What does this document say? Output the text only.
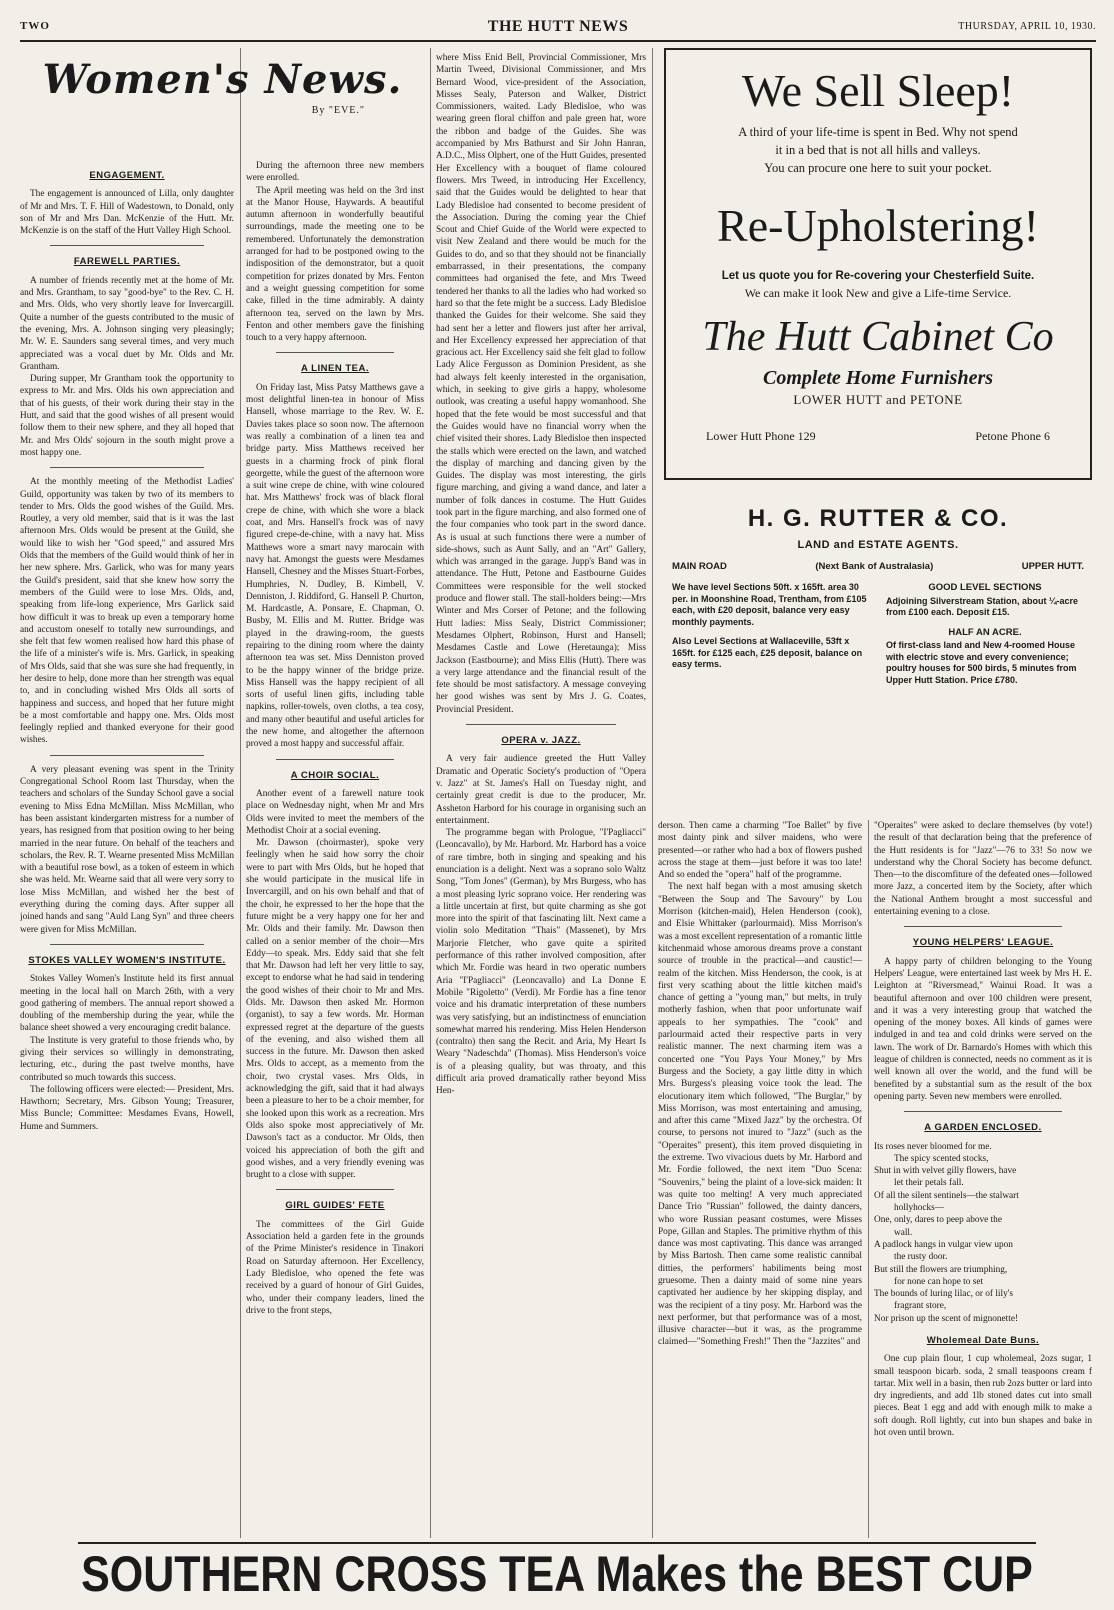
TWO	THE HUTT NEWS	THURSDAY, APRIL 10, 1930.
Women's News.
By "EVE."
ENGAGEMENT.

The engagement is announced of Lilla, only daughter of Mr and Mrs. T. F. Hill of Wadestown, to Donald, only son of Mr and Mrs Dan. McKenzie of the Hutt. Mr. McKenzie is on the staff of the Hutt Valley High School.

FAREWELL PARTIES.

A number of friends recently met at the home of Mr. and Mrs. Grantham, to say "good-bye" to the Rev. C. H. and Mrs. Olds, who very shortly leave for Invercargill. Quite a number of the guests contributed to the music of the evening, Mrs. A. Johnson singing very pleasingly; Mr. W. E. Saunders sang several times, and very much appreciated was a vocal duet by Mr. Olds and Mr. Grantham.

During supper, Mr Grantham took the opportunity to express to Mr. and Mrs. Olds his own appreciation and that of his guests, of their work during their stay in the Hutt, and said that the good wishes of all present would follow them to their new sphere, and they all hoped that Mr. and Mrs Olds' sojourn in the south might prove a most happy one.

At the monthly meeting of the Methodist Ladies' Guild, opportunity was taken by two of its members to tender to Mrs. Olds the good wishes of the Guild. Mrs. Routley, a very old member, said that is it was the last afternoon Mrs. Olds would be present at the Guild, she would like to wish her "God speed," and assured Mrs Olds that the members of the Guild would think of her in her new sphere. Mrs. Garlick, who was for many years the Guild's president, said that she knew how sorry the members of the Guild were to lose Mrs. Olds, and, speaking from life-long experience, Mrs Garlick said how difficult it was to break up even a temporary home and accustom oneself to totally new surroundings, and she felt that few women realised how hard this phase of the life of a minister's wife is. Mrs. Garlick, in speaking of Mrs Olds, said that she was sure she had frequently, in her desire to help, done more than her strength was equal to, and in concluding wished Mrs Olds all sorts of happiness and success, and hoped that her future might be a most comfortable and happy one. Mrs. Olds most feelingly replied and thanked everyone for their good wishes.

A very pleasant evening was spent in the Trinity Congregational School Room last Thursday, when the teachers and scholars of the Sunday School gave a social evening to Miss Edna McMillan. Miss McMillan, who has been assistant kindergarten mistress for a number of years, has resigned from that position owing to her being married in the near future. On behalf of the teachers and scholars, the Rev. R. T. Wearne presented Miss McMillan with a beautiful rose bowl, as a token of esteem in which she was held. Mr. Wearne said that all were very sorry to lose Miss McMillan, and wished her the best of everything during the coming days. After supper all joined hands and sang "Auld Lang Syn" and three cheers were given for Miss McMillan.

STOKES VALLEY WOMEN'S INSTITUTE.

Stokes Valley Women's Institute held its first annual meeting in the local hall on March 26th, with a very good gathering of members. The annual report showed a doubling of the membership during the year, while the balance sheet showed a very encouraging credit balance.

The Institute is very grateful to those friends who, by giving their services so willingly in demonstrating, lecturing, etc., during the past twelve months, have contributed so much towards this success.

The following officers were elected:— President, Mrs. Hawthorn; Secretary, Mrs. Gibson Young; Treasurer, Miss Buncle; Committee: Mesdames Evans, Howell, Hume and Summers.

During the afternoon three new members were enrolled.

The April meeting was held on the 3rd inst at the Manor House, Haywards. A beautiful autumn afternoon in wonderfully beautiful surroundings, made the meeting one to be remembered. Unfortunately the demonstration arranged for had to be postponed owing to the indisposition of the demonstrator, but a quoit competition for prizes donated by Mrs. Fenton and a weight guessing competition for some cake, filled in the time admirably. A dainty afternoon tea, served on the lawn by Mrs. Fenton and other members gave the finishing touch to a very happy afternoon.

A LINEN TEA.

On Friday last, Miss Patsy Matthews gave a most delightful linen-tea in honour of Miss Hansell, whose marriage to the Rev. W. E. Davies takes place so soon now. The afternoon was really a combination of a linen tea and bridge party. Miss Matthews received her guests in a charming frock of pink floral georgette, while the guest of the afternoon wore a suit wine crepe de chine, with wine coloured hat. Mrs Matthews' frock was of black floral crepe de chine, with which she wore a black coat, and Mrs. Hansell's frock was of navy figured crepe-de-chine, with a navy hat. Miss Matthews wore a smart navy marocain with navy hat. Amongst the guests were Mesdames Hansell, Chesney and the Misses Stuart-Forbes, Humphries, N. Dudley, B. Kimbell, V. Denniston, J. Riddiford, G. Hansell P. Churton, M. Hardcastle, A. Ponsare, E. Chapman, O. Busby, M. Ellis and M. Rutter. Bridge was played in the drawing-room, the guests repairing to the dining room where the dainty afternoon tea was set. Miss Denniston proved to be the happy winner of the bridge prize. Miss Hansell was the happy recipient of all sorts of useful linen gifts, including table napkins, roller-towels, oven cloths, a tea cosy, and many other beautiful and useful articles for the new home, and altogether the afternoon proved a most happy and successful affair.

A CHOIR SOCIAL.

Another event of a farewell nature took place on Wednesday night, when Mr and Mrs Olds were invited to meet the members of the Methodist Choir at a social evening.

Mr. Dawson (choirmaster), spoke very feelingly when he said how sorry the choir were to part with Mrs Olds, but he hoped that she would participate in the musical life in Invercargill, and on his own behalf and that of the choir, he expressed to her the hope that the future might be a very happy one for her and Mr. Olds and their family. Mr. Dawson then called on a senior member of the choir—Mrs Eddy—to speak. Mrs. Eddy said that she felt that Mr. Dawson had left her very little to say, except to endorse what he had said in tendering the good wishes of their choir to Mr and Mrs. Olds. Mr. Dawson then asked Mr. Hormon (organist), to say a few words. Mr. Horman expressed regret at the departure of the guests of the evening, and also wished them all success in the future. Mr. Dawson then asked Mrs. Olds to accept, as a memento from the choir, two crystal vases. Mrs Olds, in acknowledging the gift, said that it had always been a pleasure to her to be a choir member, for she looked upon this work as a recreation. Mrs Olds also spoke most appreciatively of Mr. Dawson's tact as a conductor. Mr Olds, then voiced his appreciation of both the gift and good wishes, and a very friendly evening was brught to a close with supper.

GIRL GUIDES' FETE

The committees of the Girl Guide Association held a garden fete in the grounds of the Prime Minister's residence in Tinakori Road on Saturday afternoon. Her Excellency, Lady Bledisloe, who opened the fete was received by a guard of honour of Girl Guides, who, under their company leaders, lined the drive to the front steps,

where Miss Enid Bell, Provincial Commissioner, Mrs Martin Tweed, Divisional Commissioner, and Mrs Bernard Wood, vice-president of the Association, Misses Sealy, Paterson and Walker, District Commissioners, waited. Lady Bledisloe, who was wearing green floral chiffon and pale green hat, wore the ribbon and badge of the Guides. She was accompanied by Mrs Bathurst and Sir John Hanran, A.D.C., Miss Olphert, one of the Hutt Guides, presented Her Excellency with a bouquet of flame coloured flowers. Mrs Tweed, in introducing Her Excellency, said that the Guides would be delighted to hear that Lady Bledisloe had consented to become president of the Association. During the coming year the Chief Scout and Chief Guide of the World were expected to visit New Zealand and there would be much for the Guides to do, and so that they should not be financially embarrassed, in their presentations, the company committees had organised the fete, and Mrs Tweed tendered her thanks to all the ladies who had worked so hard so that the fete might be a success. Lady Bledisloe thanked the Guides for their welcome. She said they had sent her a letter and flowers just after her arrival, and Her Excellency expressed her appreciation of that gracious act. Her Excellency said she felt glad to follow Lady Alice Fergusson as Dominion President, as she had always felt keenly interested in the organisation, which, in seeking to give girls a happy, wholesome outlook, was creating a useful happy womanhood. She hoped that the fete would be most successful and that the Guides would have no financial worry when the chief visited their shores. Lady Bledisloe then inspected the stalls which were erected on the lawn, and watched the display of marching and dancing given by the Guides. The display was most interesting, the girls figure marching, and giving a wand dance, and later a number of folk dances in costume. The Hutt Guides took part in the figure marching, and also formed one of the four companies who took part in the sword dance. As is usual at such functions there were a number of side-shows, such as Aunt Sally, and an "Art" Gallery, which was arranged in the garage. Jupp's Band was in attendance. The Hutt, Petone and Eastbourne Guides Committees were responsible for the well stocked produce and flower stall. The stall-holders being:—Mrs Winter and Mrs Corser of Petone; and the following Hutt ladies: Miss Sealy, District Commissioner; Mesdames Olphert, Robinson, Hurst and Hansell; Mesdames Castle and Lowe (Heretaunga); Miss Jackson (Eastbourne); and Miss Ellis (Hutt). There was a very large attendance and the financial result of the fete should be most satisfactory. A message conveying her good wishes was sent by Mrs J. G. Coates, Provincial President.

OPERA v. JAZZ.

A very fair audience greeted the Hutt Valley Dramatic and Operatic Society's production of "Opera v. Jazz" at St. James's Hall on Tuesday night, and certainly great credit is due to the producer, Mr. Assheton Harbord for his courage in organising such an entertainment.

The programme began with Prologue, "I'Pagliacci" (Leoncavallo), by Mr. Harbord. Mr. Harbord has a voice of rare timbre, both in singing and speaking and his enunciation is a delight. Next was a soprano solo Waltz Song, "Tom Jones" (German), by Mrs Burgess, who has a most pleasing lyric soprano voice. Her rendering was a little uncertain at first, but quite charming as she got more into the spirit of that fascinating lilt. Next came a violin solo Meditation "Thais" (Massenet), by Mrs Marjorie Fletcher, who gave quite a spirited performance of this rather involved composition, after which Mr. Fordie was heard in two operatic numbers Aria "I'Pagliacci" (Leoncavallo) and La Donne E Mobile "Rigoletto" (Verdi). Mr Fordie has a fine tenor voice and his dramatic interpretation of these numbers was very satisfying, but an indistinctness of enunciation somewhat marred his rendering. Miss Helen Henderson (contralto) then sang the Recit. and Aria, My Heart Is Weary "Nadeschda" (Thomas). Miss Henderson's voice is of a pleasing quality, but was throaty, and this difficult aria proved dramatically rather beyond Miss Hen-

We Sell Sleep!
A third of your life-time is spent in Bed. Why not spend
it in a bed that is not all hills and valleys.
You can procure one here to suit your pocket.
Re-Upholstering!
Let us quote you for Re-covering your Chesterfield Suite.
We can make it look New and give a Life-time Service.
The Hutt Cabinet Co
Complete Home Furnishers
LOWER HUTT and PETONE
Lower Hutt Phone 129	Petone Phone 6
H. G. RUTTER & CO.
LAND and ESTATE AGENTS.
MAIN ROAD	(Next Bank of Australasia)	UPPER HUTT.

We have level Sections 50ft. x 165ft. area 30 per. in Moonshine Road, Trentham, from £105 each, with £20 deposit, balance very easy monthly payments.

Also Level Sections at Wallaceville, 53ft x 165ft. for £125 each, £25 deposit, balance on easy terms.

GOOD LEVEL SECTIONS

Adjoining Silverstream Station, about ¼-acre from £100 each. Deposit £15.

HALF AN ACRE.

Of first-class land and New 4-roomed House with electric stove and every convenience; poultry houses for 500 birds, 5 minutes from Upper Hutt Station. Price £780.

derson. Then came a charming "Toe Ballet" by five most dainty pink and silver maidens, who were presented—or rather who had a box of flowers pushed across the stage at them—just before it was too late! And so ended the "opera" half of the programme.

The next half began with a most amusing sketch "Between the Soup and The Savoury" by Lou Morrison (kitchen-maid), Helen Henderson (cook), and Elsie Whittaker (parlourmaid). Miss Morrison's was a most excellent representation of a romantic little kitchenmaid whose amorous dreams prove a constant source of trouble in the practical—and caustic!—realm of the kitchen. Miss Henderson, the cook, is at first very scathing about the little kitchen maid's chance of getting a "young man," but melts, in truly motherly fashion, when that poor unfortunate waif appeals to her sympathies. The "cook" and parlourmaid acted their respective parts in very realistic manner. The next charming item was a concerted one "You Pays Your Money," by Mrs Burgess and the Society, a gay little ditty in which Mrs. Burgess's pleasing voice took the lead. The elocutionary item which followed, "The Burglar," by Miss Morrison, was most entertaining and amusing, and after this came "Mixed Jazz" by the orchestra. Of course, to persons not inured to "Jazz" (such as the "Operaites" present), this item proved disquieting in the extreme. Two vivacious duets by Mr. Harbord and Mr. Fordie followed, the next item "Duo Scena: "Souvenirs," being the plaint of a love-sick maiden: It was quite too melting! A very much appreciated Dance Trio "Russian" followed, the dainty dancers, who wore Russian peasant costumes, were Misses Pope, Gillan and Staples. The primitive rhythm of this dance was most captivating. This dance was arranged by Miss Bartosh. Then came some realistic cannibal ditties, the performers' habiliments being most gruesome. Then a dainty maid of some nine years captivated her audience by her skipping display, and was the recipient of a tiny posy. Mr. Harbord was the next performer, but that performance was of a most, illusive character—but it was, as the programme claimed—"Something Fresh!" Then the "Jazzites" and

"Operaites" were asked to declare themselves (by vote!) the result of that declaration being that the preference of the Hutt residents is for "Jazz"—76 to 33! So now we understand why the Choral Society has become defunct. Then—to the discomfiture of the defeated ones—followed more Jazz, a concerted item by the Society, after which the National Anthem brought a most successful and entertaining evening to a close.

YOUNG HELPERS' LEAGUE.

A happy party of children belonging to the Young Helpers' League, were entertained last week by Mrs H. E. Leighton at "Riversmead," Wainui Road. It was a beautiful afternoon and over 100 children were present, and it was a very interesting group that watched the opening of the money boxes. All kinds of games were indulged in and tea and cold drinks were served on the lawn. The work of Dr. Barnardo's Homes with which this league of children is connected, needs no comment as it is well known all over the world, and the fund will be benefited by a substantial sum as the result of the box opening party. Seven new members were enrolled.

A GARDEN ENCLOSED.
Its roses never bloomed for me.
The spicy scented stocks,
Shut in with velvet gilly flowers, have
let their petals fall.
Of all the silent sentinels—the stalwart
hollyhocks—
One, only, dares to peep above the
wall.
A padlock hangs in vulgar view upon
the rusty door.
But still the flowers are triumphing,
for none can hope to set
The bounds of luring lilac, or of lily's
fragrant store,
Nor prison up the scent of mignonette!
Wholemeal Date Buns.

One cup plain flour, 1 cup wholemeal, 2ozs sugar, 1 small teaspoon bicarb. soda, 2 small teaspoons cream f tartar. Mix well in a basin, then rub 2ozs butter or lard into dry ingredients, and add 1lb stoned dates cut into small pieces. Beat 1 egg and add with enough milk to make a soft dough. Roll lightly, cut into bun shapes and bake in hot oven until brown.

SOUTHERN CROSS TEA Makes the BEST CUP
